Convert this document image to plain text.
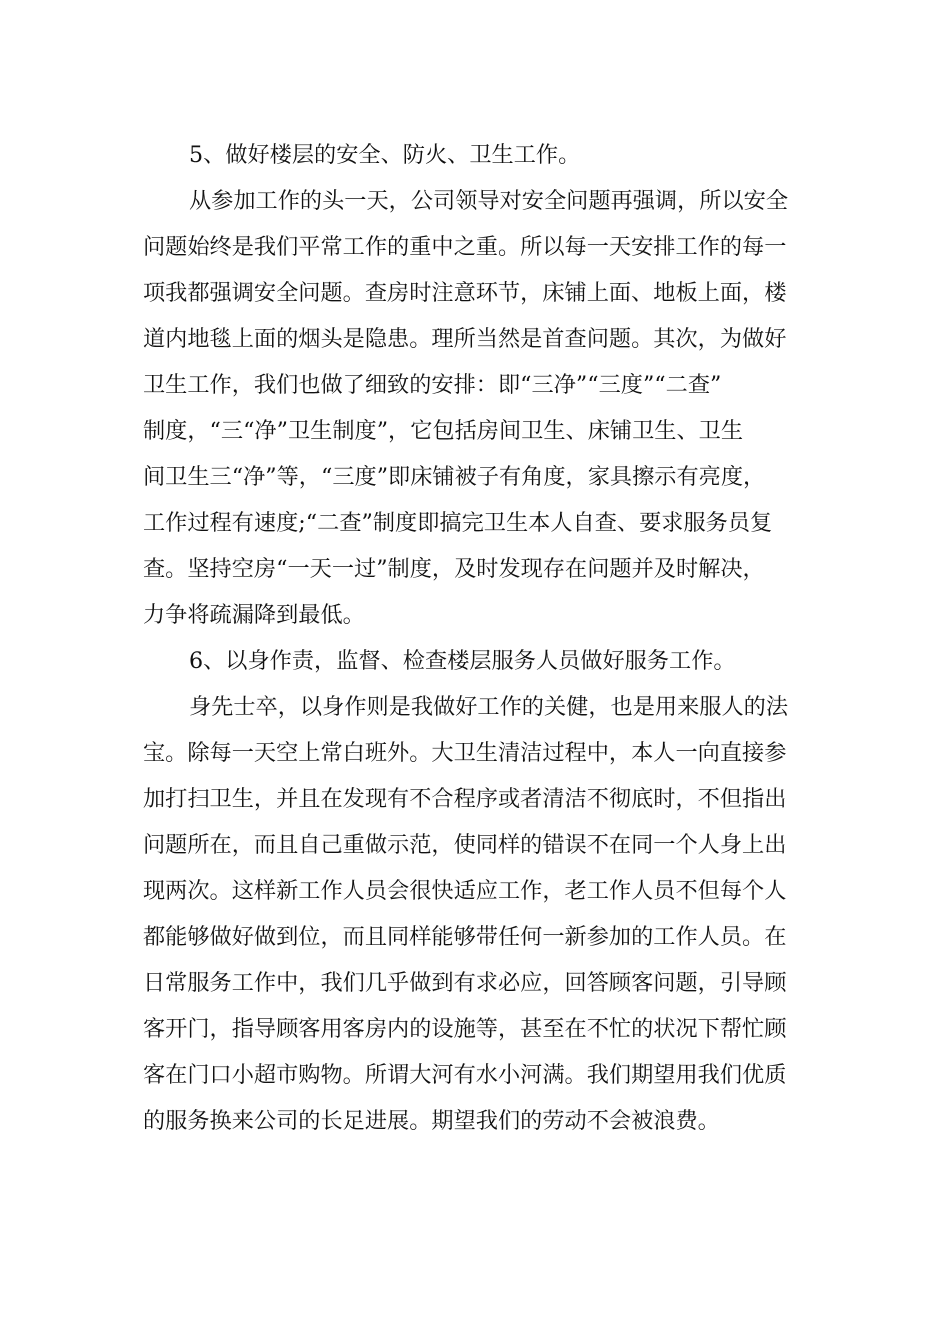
5、做好楼层的安全、防火、卫生工作。
从参加工作的头一天，公司领导对安全问题再强调，所以安全
问题始终是我们平常工作的重中之重。所以每一天安排工作的每一
项我都强调安全问题。查房时注意环节，床铺上面、地板上面，楼
道内地毯上面的烟头是隐患。理所当然是首查问题。其次，为做好
卫生工作，我们也做了细致的安排：即“三净”“三度”“二查”
制度，“三“净”卫生制度”，它包括房间卫生、床铺卫生、卫生
间卫生三“净”等，“三度”即床铺被子有角度，家具擦示有亮度，
工作过程有速度;“二查”制度即搞完卫生本人自查、要求服务员复
查。坚持空房“一天一过”制度，及时发现存在问题并及时解决，
力争将疏漏降到最低。
6、以身作责，监督、检查楼层服务人员做好服务工作。
身先士卒，以身作则是我做好工作的关健，也是用来服人的法
宝。除每一天空上常白班外。大卫生清洁过程中，本人一向直接参
加打扫卫生，并且在发现有不合程序或者清洁不彻底时，不但指出
问题所在，而且自己重做示范，使同样的错误不在同一个人身上出
现两次。这样新工作人员会很快适应工作，老工作人员不但每个人
都能够做好做到位，而且同样能够带任何一新参加的工作人员。在
日常服务工作中，我们几乎做到有求必应，回答顾客问题，引导顾
客开门，指导顾客用客房内的设施等，甚至在不忙的状况下帮忙顾
客在门口小超市购物。所谓大河有水小河满。我们期望用我们优质
的服务换来公司的长足进展。期望我们的劳动不会被浪费。
